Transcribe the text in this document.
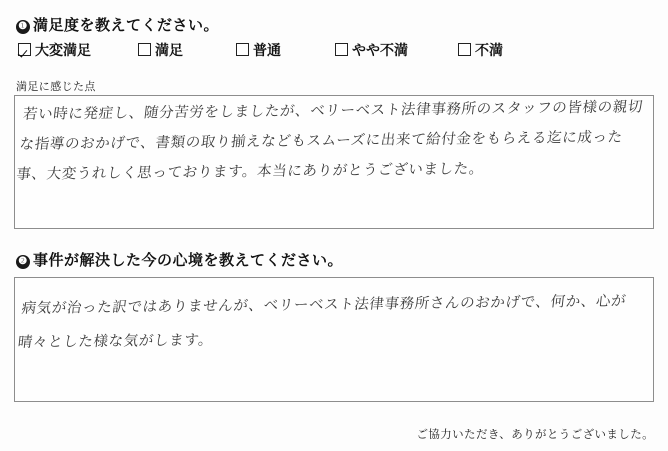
❶ 満足度を教えてください。
大変満足	満足	普通	やや不満	不満
満足に感じた点
若い時に発症し、随分苦労をしましたが、ベリーベスト法律事務所のスタッフの皆様の親切な指導のおかげで、書類の取り揃えなどもスムーズに出来て給付金をもらえる迄に成った事、大変うれしく思っております。本当にありがとうございました。
❷ 事件が解決した今の心境を教えてください。
病気が治った訳ではありませんが、ベリーベスト法律事務所さんのおかげで、何か、心が晴々とした様な気がします。
ご協力いただき、ありがとうございました。
